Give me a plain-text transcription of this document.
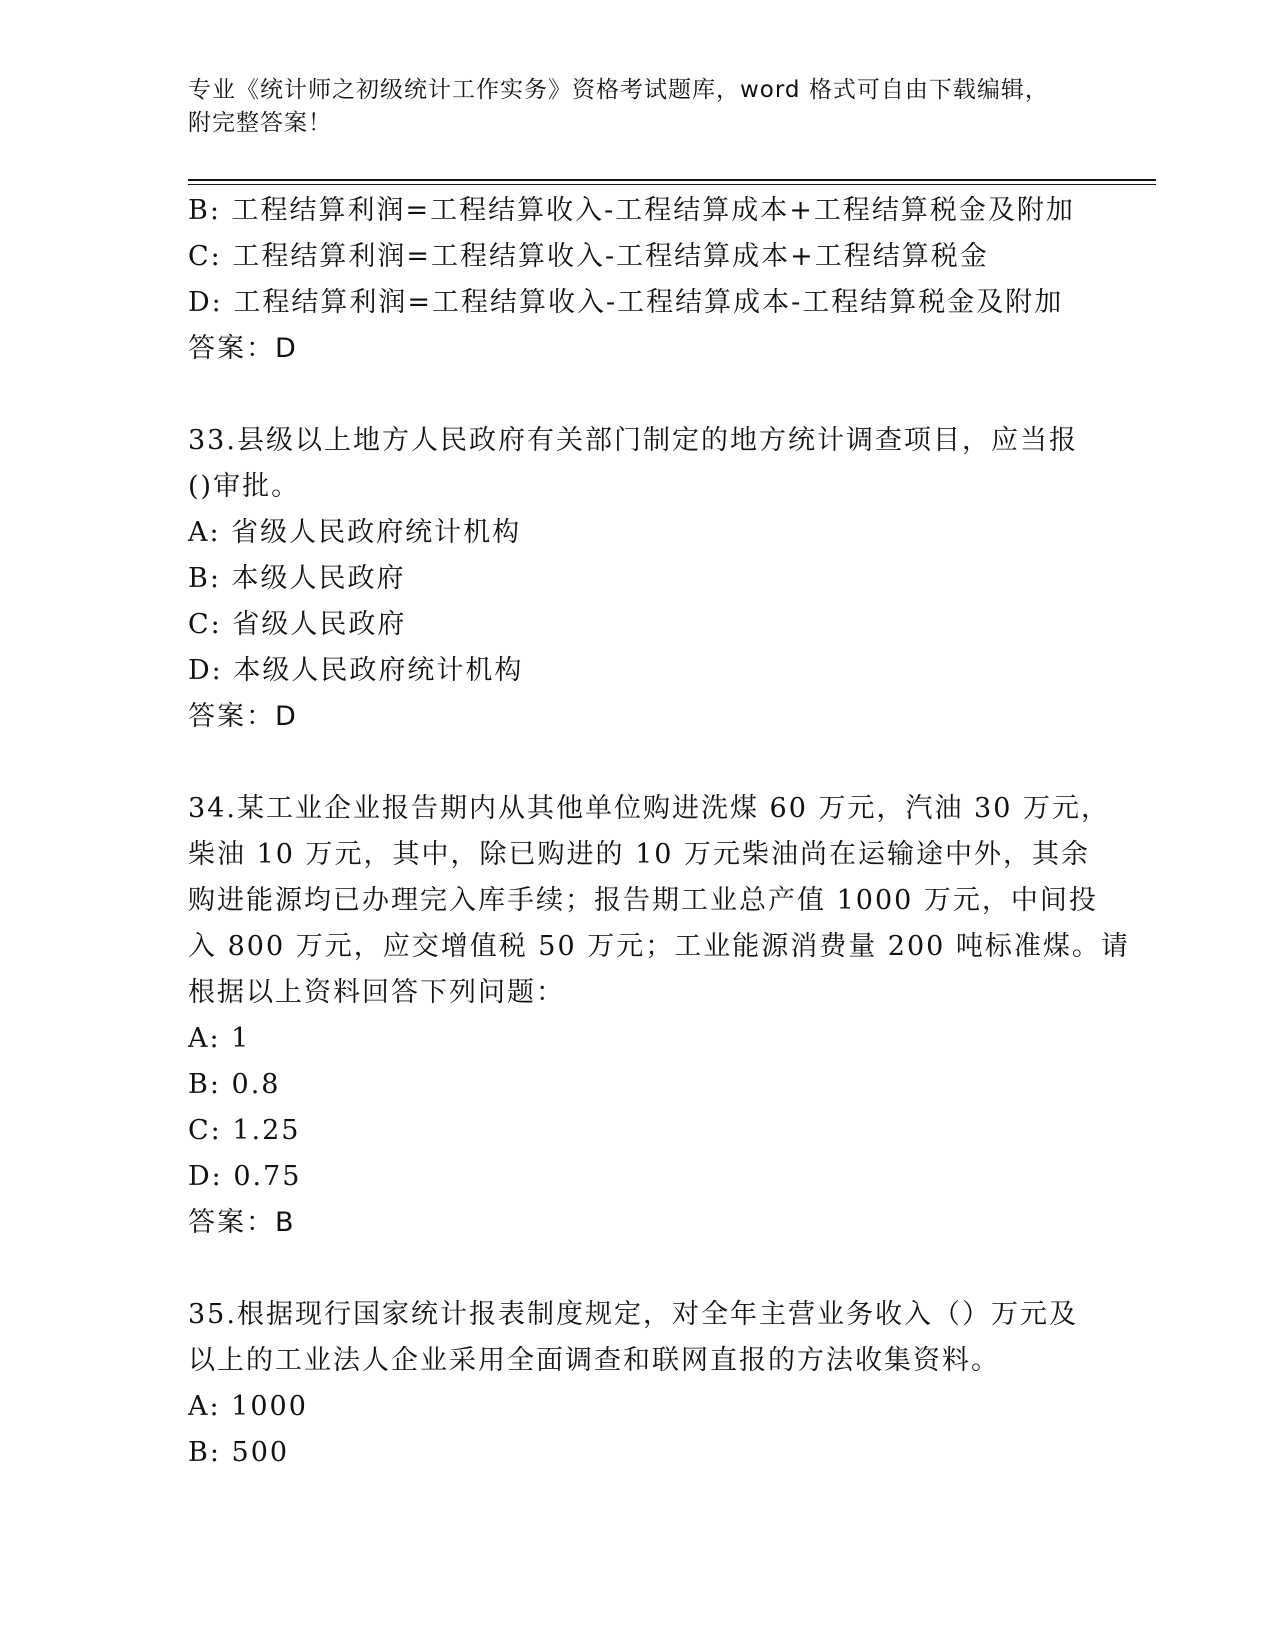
专业《统计师之初级统计工作实务》资格考试题库，word 格式可自由下载编辑，
附完整答案！
B: 工程结算利润=工程结算收入-工程结算成本+工程结算税金及附加
C: 工程结算利润=工程结算收入-工程结算成本+工程结算税金
D: 工程结算利润=工程结算收入-工程结算成本-工程结算税金及附加
答案：D
33.县级以上地方人民政府有关部门制定的地方统计调查项目，应当报
()审批。
A: 省级人民政府统计机构
B: 本级人民政府
C: 省级人民政府
D: 本级人民政府统计机构
答案：D
34.某工业企业报告期内从其他单位购进洗煤 60 万元，汽油 30 万元，
柴油 10 万元，其中，除已购进的 10 万元柴油尚在运输途中外，其余
购进能源均已办理完入库手续；报告期工业总产值 1000 万元，中间投
入 800 万元，应交增值税 50 万元；工业能源消费量 200 吨标准煤。请
根据以上资料回答下列问题：
A: 1
B: 0.8
C: 1.25
D: 0.75
答案：B
35.根据现行国家统计报表制度规定，对全年主营业务收入（）万元及
以上的工业法人企业采用全面调查和联网直报的方法收集资料。
A: 1000
B: 500
